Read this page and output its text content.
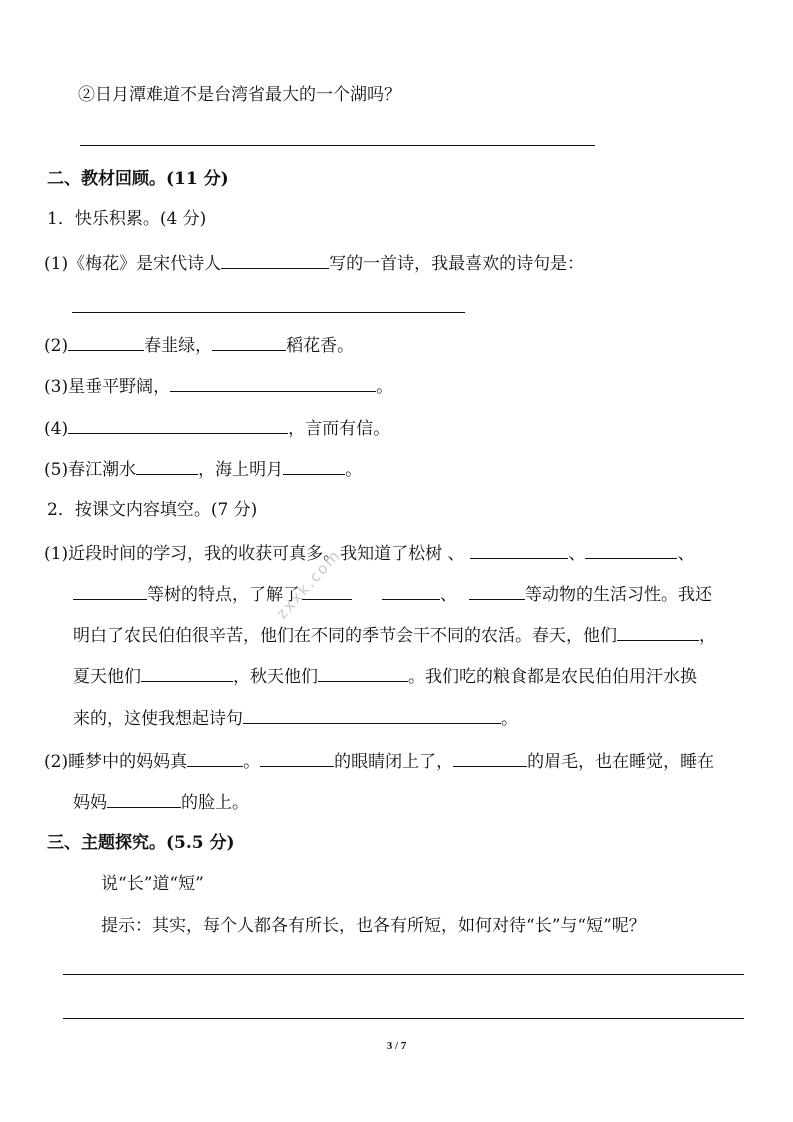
②日月潭难道不是台湾省最大的一个湖吗？
二、教材回顾。(11 分)
1．快乐积累。(4 分)
(1)《梅花》是宋代诗人	写的一首诗，我最喜欢的诗句是：
(2)	春韭绿，	稻花香。
(3)星垂平野阔，	。
(4)	，言而有信。
(5)春江潮水	，海上明月	。
2．按课文内容填空。(7 分)
(1)近段时间的学习，我的收获可真多。我知道了松树 、	、	、
等树的特点，了解了	、	等动物的生活习性。我还
明白了农民伯伯很辛苦，他们在不同的季节会干不同的农活。春天，他们	，
夏天他们	，秋天他们	。我们吃的粮食都是农民伯伯用汗水换
来的，这使我想起诗句	。
(2)睡梦中的妈妈真	。	的眼睛闭上了，	的眉毛，也在睡觉，睡在
妈妈	的脸上。
三、主题探究。(5.5 分)
说“长”道“短”
提示：其实，每个人都各有所长，也各有所短，如何对待“长”与“短”呢？
zxxk.com
3 / 7
